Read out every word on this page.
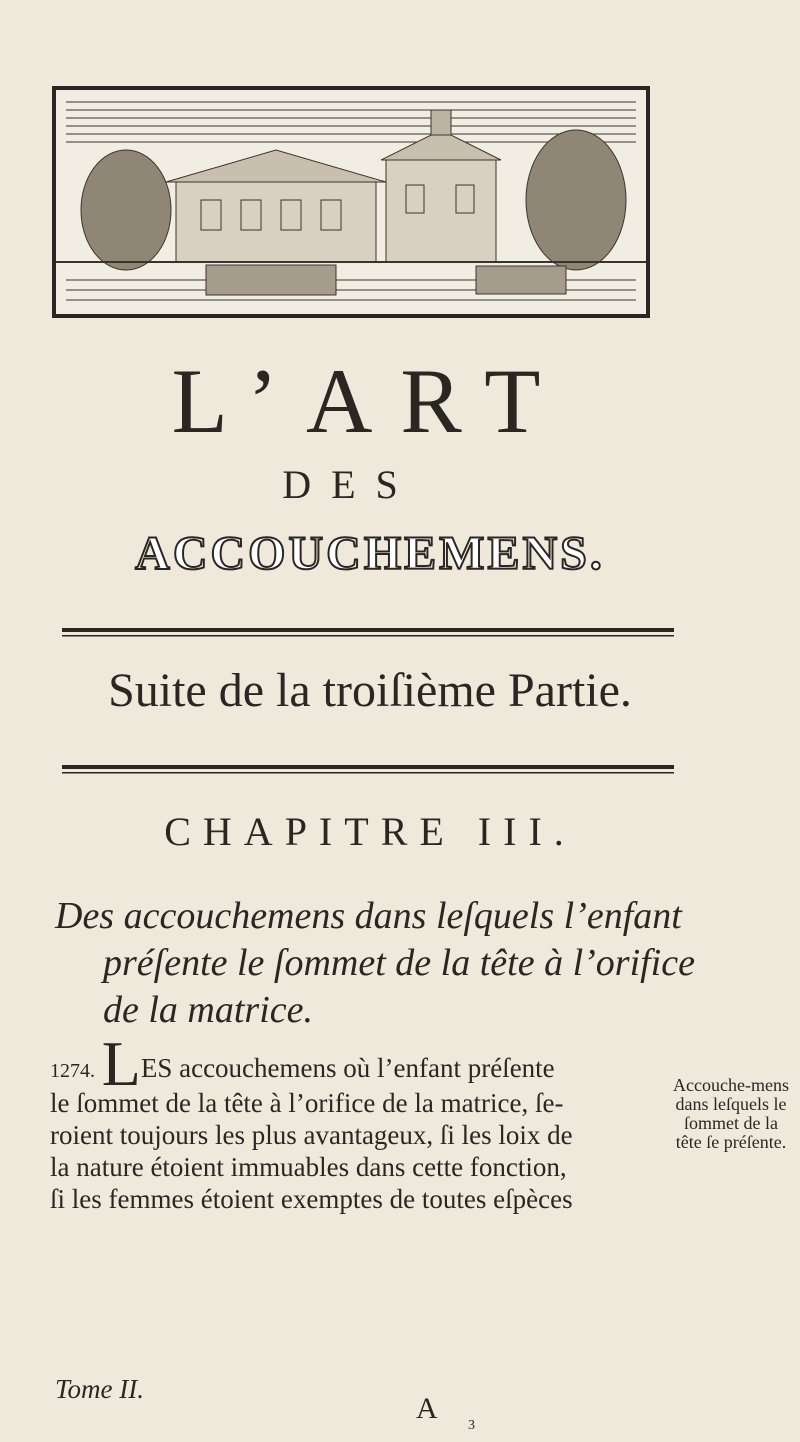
L’ART
DES
ACCOUCHEMENS.
Suite de la troiſième Partie.
CHAPITRE III.
Des accouchemens dans leſquels l’enfant
préſente le ſommet de la tête à l’orifice
de la matrice.
1274. LES accouchemens où l’enfant préſente
le ſommet de la tête à l’orifice de la matrice, ſe-
roient toujours les plus avantageux, ſi les loix de
la nature étoient immuables dans cette fonction,
ſi les femmes étoient exemptes de toutes eſpèces
Accouche-mens dans leſquels le ſommet de la tête ſe préſente.
Tome II.
A
3
